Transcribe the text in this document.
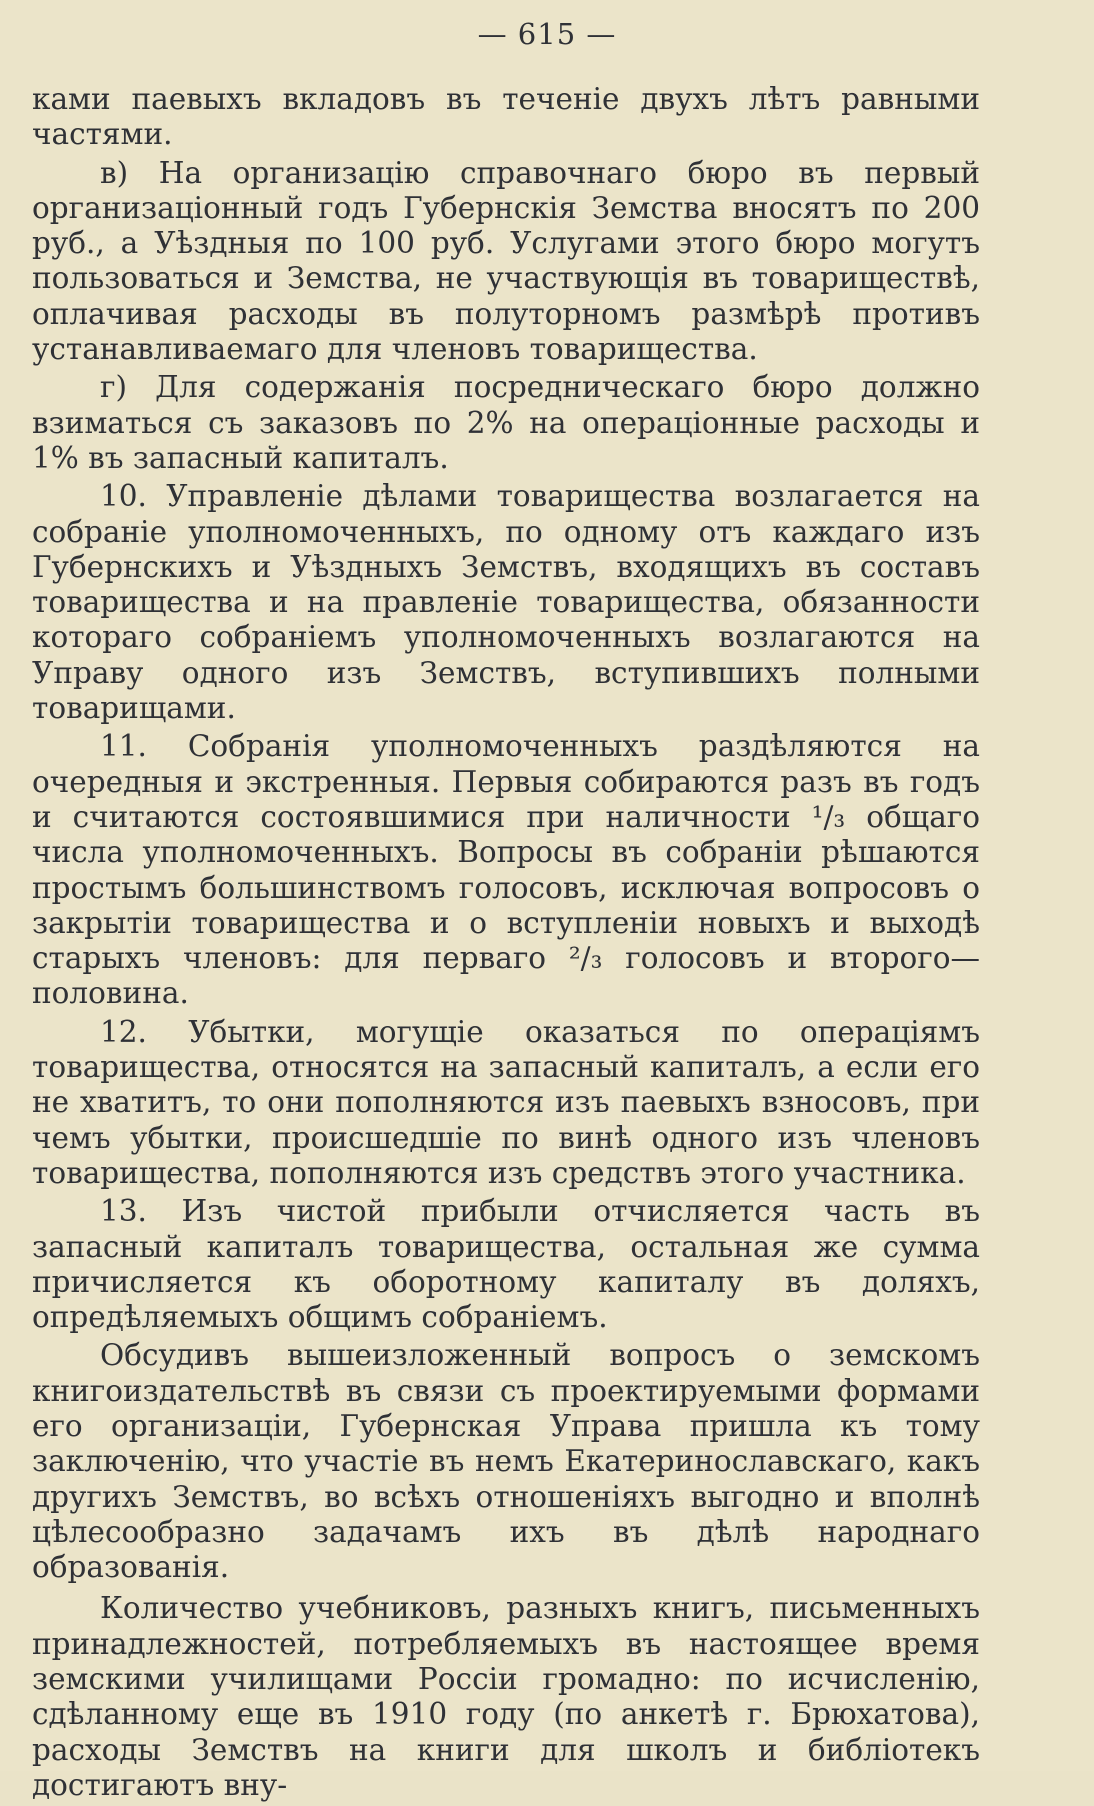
— 615 —

ками паевыхъ вкладовъ въ теченіе двухъ лѣтъ равными частями.

в) На организацію справочнаго бюро въ первый организаціонный годъ Губернскія Земства вносятъ по 200 руб., а Уѣздныя по 100 руб. Услугами этого бюро могутъ пользоваться и Земства, не участвующія въ товариществѣ, оплачивая расходы въ полуторномъ размѣрѣ противъ устанавливаемаго для членовъ товарищества.

г) Для содержанія посредническаго бюро должно взиматься съ заказовъ по 2% на операціонные расходы и 1% въ запасный капиталъ.

10. Управленіе дѣлами товарищества возлагается на собраніе уполномоченныхъ, по одному отъ каждаго изъ Губернскихъ и Уѣздныхъ Земствъ, входящихъ въ составъ товарищества и на правленіе товарищества, обязанности котораго собраніемъ уполномоченныхъ возлагаются на Управу одного изъ Земствъ, вступившихъ полными товарищами.

11. Собранія уполномоченныхъ раздѣляются на очередныя и экстренныя. Первыя собираются разъ въ годъ и считаются состоявшимися при наличности ¹/₃ общаго числа уполномоченныхъ. Вопросы въ собраніи рѣшаются простымъ большинствомъ голосовъ, исключая вопросовъ о закрытіи товарищества и о вступленіи новыхъ и выходѣ старыхъ членовъ: для перваго ²/₃ голосовъ и второго—половина.

12. Убытки, могущіе оказаться по операціямъ товарищества, относятся на запасный капиталъ, а если его не хватитъ, то они пополняются изъ паевыхъ взносовъ, при чемъ убытки, происшедшіе по винѣ одного изъ членовъ товарищества, пополняются изъ средствъ этого участника.

13. Изъ чистой прибыли отчисляется часть въ запасный капиталъ товарищества, остальная же сумма причисляется къ оборотному капиталу въ доляхъ, опредѣляемыхъ общимъ собраніемъ.

Обсудивъ вышеизложенный вопросъ о земскомъ книгоиздательствѣ въ связи съ проектируемыми формами его организаціи, Губернская Управа пришла къ тому заключенію, что участіе въ немъ Екатеринославскаго, какъ другихъ Земствъ, во всѣхъ отношеніяхъ выгодно и вполнѣ цѣлесообразно задачамъ ихъ въ дѣлѣ народнаго образованія.

Количество учебниковъ, разныхъ книгъ, письменныхъ принадлежностей, потребляемыхъ въ настоящее время земскими училищами Россіи громадно: по исчисленію, сдѣланному еще въ 1910 году (по анкетѣ г. Брюхатова), расходы Земствъ на книги для школъ и библіотекъ достигаютъ вну-
